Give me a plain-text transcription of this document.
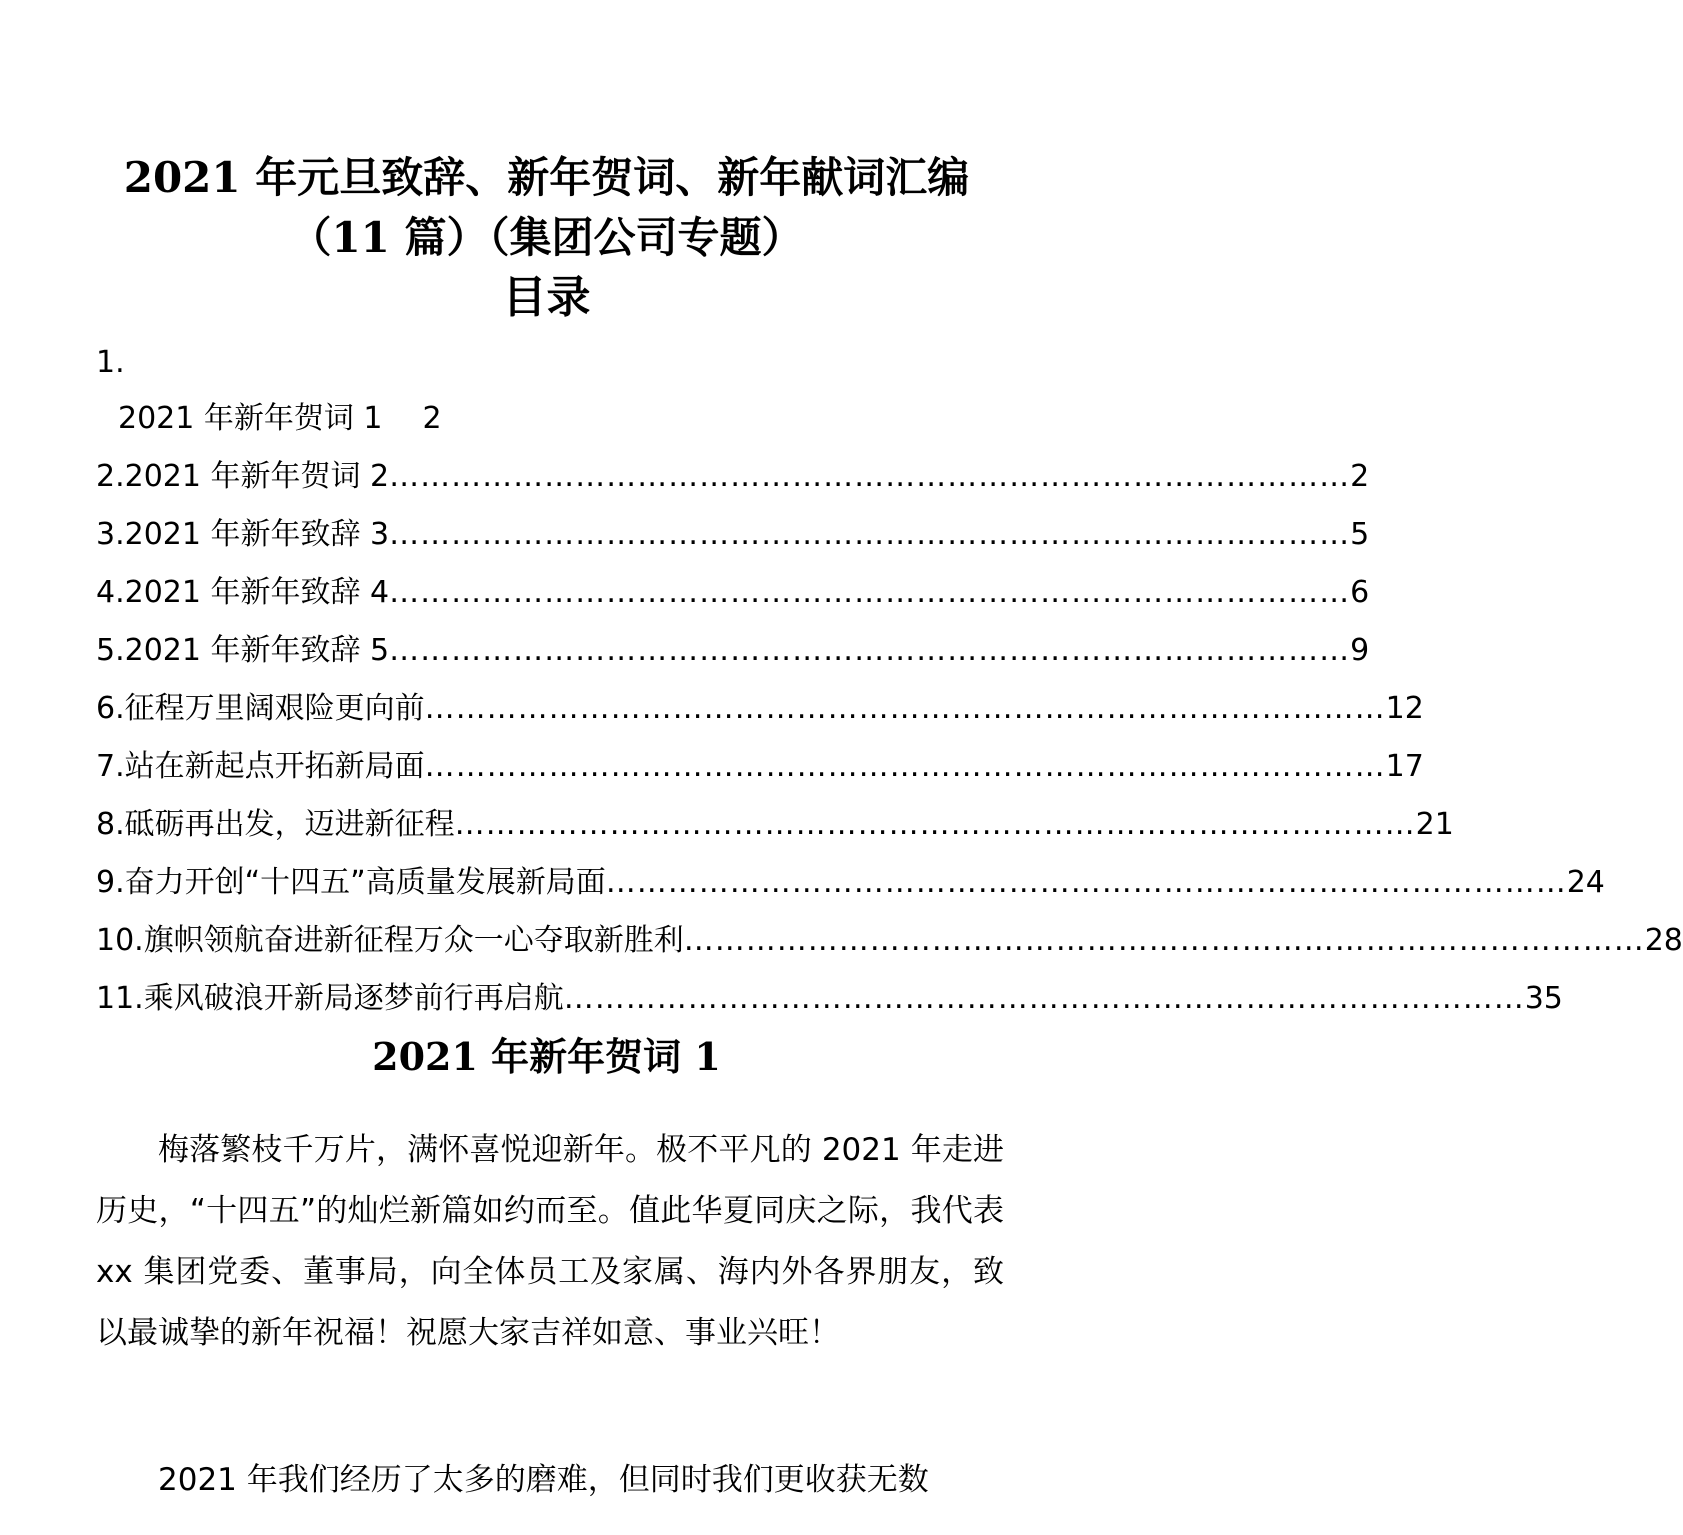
2021 年元旦致辞、新年贺词、新年献词汇编
（11 篇）（集团公司专题）
目录
1.
2021 年新年贺词 1 2
2.2021 年新年贺词 2 ………………………………………………………………………………… 2
3.2021 年新年致辞 3 ………………………………………………………………………………… 5
4.2021 年新年致辞 4 ………………………………………………………………………………… 6
5.2021 年新年致辞 5 ………………………………………………………………………………… 9
6.征程万里阔艰险更向前 ………………………………………………………………………………… 12
7.站在新起点开拓新局面 ………………………………………………………………………………… 17
8.砥砺再出发，迈进新征程 ………………………………………………………………………………… 21
9.奋力开创“十四五”高质量发展新局面 ………………………………………………………………………………… 24
10.旗帜领航奋进新征程万众一心夺取新胜利 ………………………………………………………………………………… 28
11.乘风破浪开新局逐梦前行再启航 ………………………………………………………………………………… 35
2021 年新年贺词 1
梅落繁枝千万片，满怀喜悦迎新年。极不平凡的 2021 年走进历史，“十四五”的灿烂新篇如约而至。值此华夏同庆之际，我代表 xx 集团党委、董事局，向全体员工及家属、海内外各界朋友，致以最诚挚的新年祝福！祝愿大家吉祥如意、事业兴旺！
2021 年我们经历了太多的磨难，但同时我们更收获无数
